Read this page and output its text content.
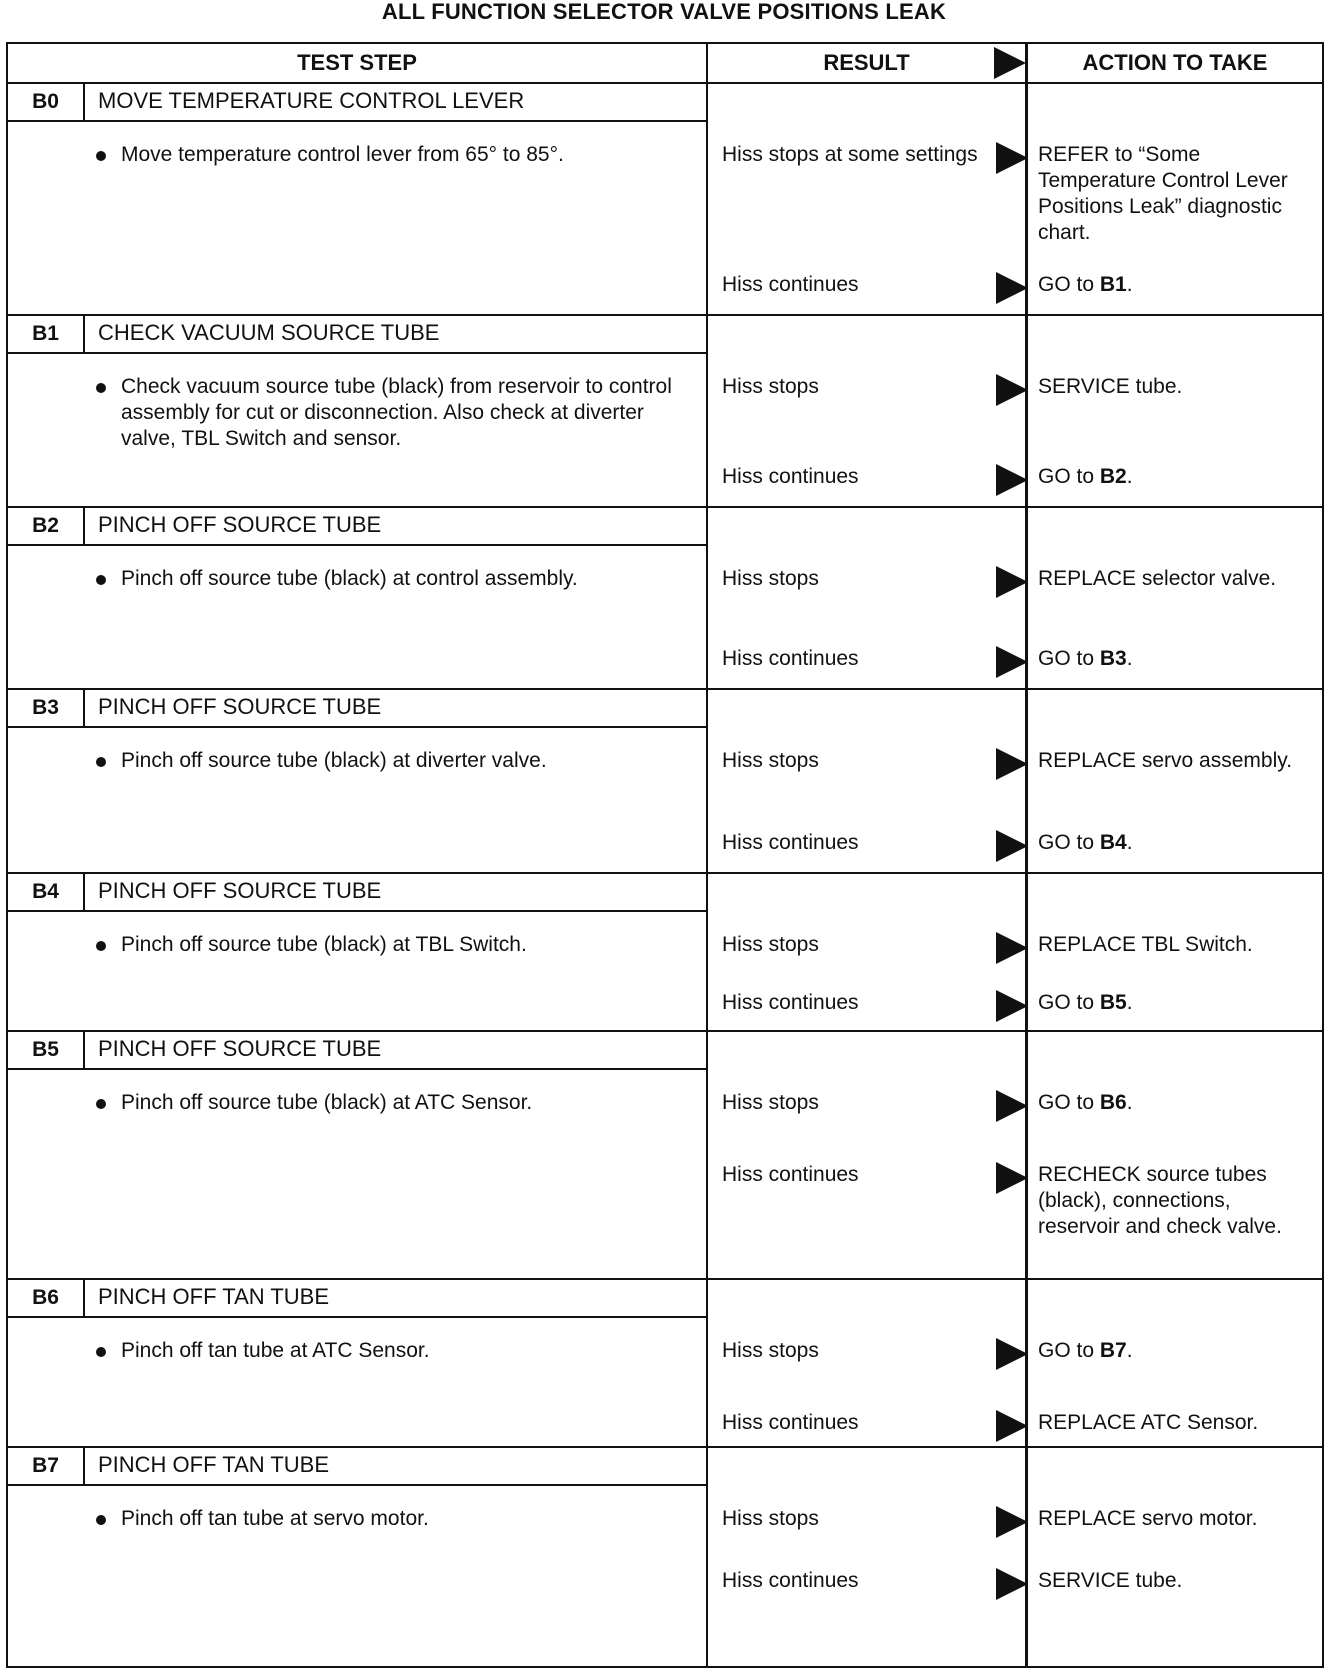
ALL FUNCTION SELECTOR VALVE POSITIONS LEAK
TEST STEP	RESULT	ACTION TO TAKE
B0	MOVE TEMPERATURE CONTROL LEVER
Move temperature control lever from 65° to 85°.	Hiss stops at some settings	REFER to “Some Temperature Control Lever Positions Leak” diagnostic chart.
Hiss continues	GO to B1.
B1	CHECK VACUUM SOURCE TUBE
Check vacuum source tube (black) from reservoir to control assembly for cut or disconnection. Also check at diverter valve, TBL Switch and sensor.
Hiss stops	SERVICE tube.
Hiss continues	GO to B2.
B2	PINCH OFF SOURCE TUBE
Pinch off source tube (black) at control assembly.	Hiss stops	REPLACE selector valve.
Hiss continues	GO to B3.
B3	PINCH OFF SOURCE TUBE
Pinch off source tube (black) at diverter valve.	Hiss stops	REPLACE servo assembly.
Hiss continues	GO to B4.
B4	PINCH OFF SOURCE TUBE
Pinch off source tube (black) at TBL Switch.	Hiss stops	REPLACE TBL Switch.
Hiss continues	GO to B5.
B5	PINCH OFF SOURCE TUBE
Pinch off source tube (black) at ATC Sensor.	Hiss stops	GO to B6.
Hiss continues	RECHECK source tubes (black), connections, reservoir and check valve.
B6	PINCH OFF TAN TUBE
Pinch off tan tube at ATC Sensor.	Hiss stops	GO to B7.
Hiss continues	REPLACE ATC Sensor.
B7	PINCH OFF TAN TUBE
Pinch off tan tube at servo motor.	Hiss stops	REPLACE servo motor.
Hiss continues	SERVICE tube.
